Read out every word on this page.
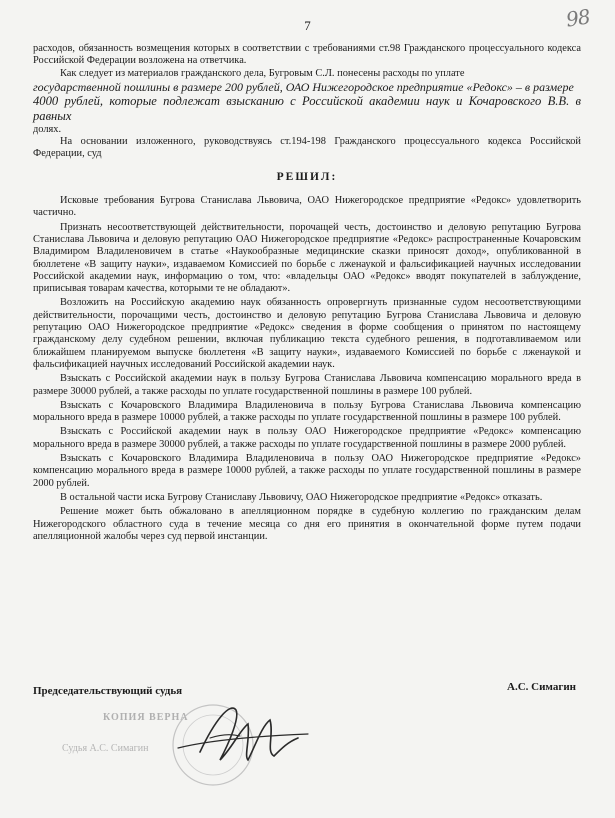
7	98

расходов, обязанность возмещения которых в соответствии с требованиями ст.98 Гражданского процессуального кодекса Российской Федерации возложена на ответчика.

Как следует из материалов гражданского дела, Бугровым С.Л. понесены расходы по уплате

государственной пошлины в размере 200 рублей, ОАО Нижегородское предприятие «Редокс» – в размере

4000 рублей, которые подлежат взысканию с Российской академии наук и Кочаровского В.В. в равных

долях.

На основании изложенного, руководствуясь ст.194-198 Гражданского процессуального кодекса Российской Федерации, суд

РЕШИЛ:

Исковые требования Бугрова Станислава Львовича, ОАО Нижегородское предприятие «Редокс» удовлетворить частично.

Признать несоответствующей действительности, порочащей честь, достоинство и деловую репутацию Бугрова Станислава Львовича и деловую репутацию ОАО Нижегородское предприятие «Редокс» распространенные Кочаровским Владимиром Владиленовичем в статье «Наукообразные медицинские сказки приносят доход», опубликованной в бюллетене «В защиту науки», издаваемом Комиссией по борьбе с лженаукой и фальсификацией научных исследовании Российской академии наук, информацию о том, что: «владельцы ОАО «Редокс» вводят покупателей в заблуждение, приписывая товарам качества, которыми те не обладают».

Возложить на Российскую академию наук обязанность опровергнуть признанные судом несоответствующими действительности, порочащими честь, достоинство и деловую репутацию Бугрова Станислава Львовича и деловую репутацию ОАО Нижегородское предприятие «Редокс» сведения в форме сообщения о принятом по настоящему гражданскому делу судебном решении, включая публикацию текста судебного решения, в подготавливаемом или ближайшем планируемом выпуске бюллетеня «В защиту науки», издаваемого Комиссией по борьбе с лженаукой и фальсификацией научных исследований Российской академии наук.

Взыскать с Российской академии наук в пользу Бугрова Станислава Львовича компенсацию морального вреда в размере 30000 рублей, а также расходы по уплате государственной пошлины в размере 100 рублей.

Взыскать с Кочаровского Владимира Владиленовича в пользу Бугрова Станислава Львовича компенсацию морального вреда в размере 10000 рублей, а также расходы по уплате государственной пошлины в размере 100 рублей.

Взыскать с Российской академии наук в пользу ОАО Нижегородское предприятие «Редокс» компенсацию морального вреда в размере 30000 рублей, а также расходы по уплате государственной пошлины в размере 2000 рублей.

Взыскать с Кочаровского Владимира Владиленовича в пользу ОАО Нижегородское предприятие «Редокс» компенсацию морального вреда в размере 10000 рублей, а также расходы по уплате государственной пошлины в размере 2000 рублей.

В остальной части иска Бугрову Станиславу Львовичу, ОАО Нижегородское предприятие «Редокс» отказать.

Решение может быть обжаловано в апелляционном порядке в судебную коллегию по гражданским делам Нижегородского областного суда в течение месяца со дня его принятия в окончательной форме путем подачи апелляционной жалобы через суд первой инстанции.

Председательствующий судья	А.С. Симагин
КОПИЯ ВЕРНА
Судья А.С. Симагин
